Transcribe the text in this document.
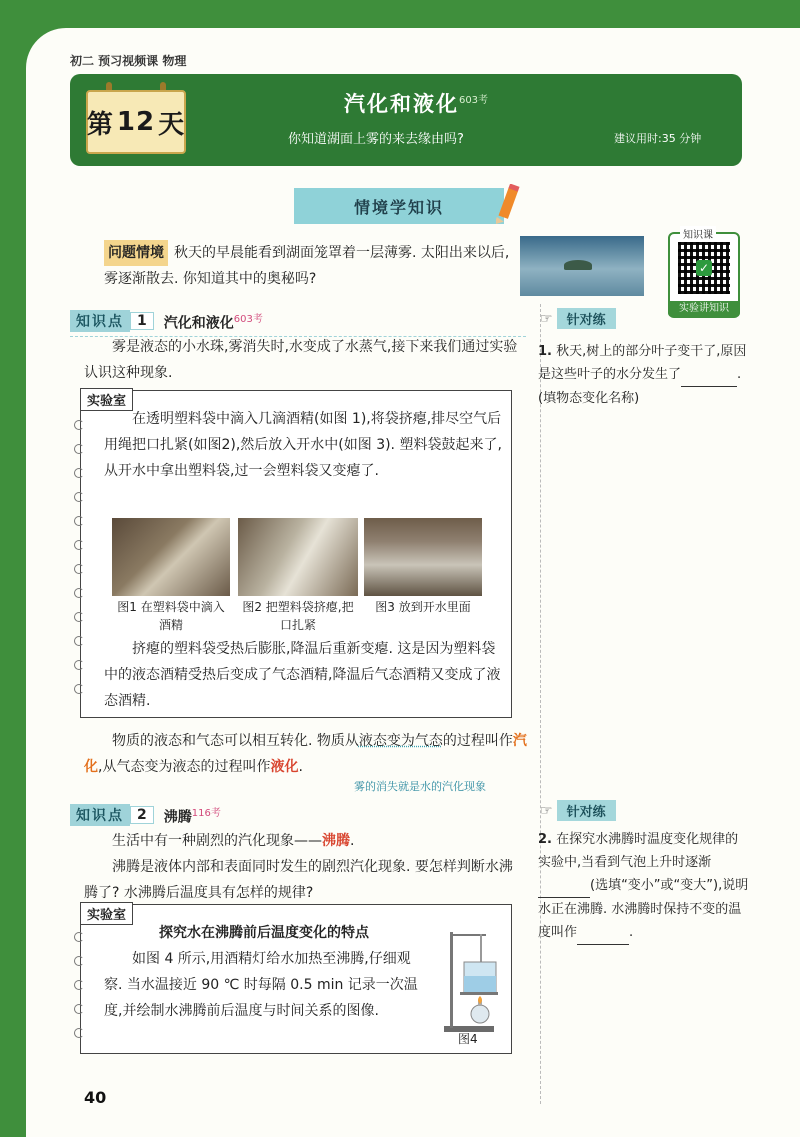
初二 预习视频课 物理
第 12 天
汽化和液化$^{603考}$
你知道湖面上雾的来去缘由吗?	建议用时:35 分钟
情境学知识
问题情境 秋天的早晨能看到湖面笼罩着一层薄雾. 太阳出来以后,雾逐渐散去. 你知道其中的奥秘吗?
知识课
✓
实验讲知识
知识点 1	汽化和液化$^{603考}$	☞	针对练
1. 秋天,树上的部分叶子变干了,原因是这些叶子的水分发生了	. (填物态变化名称)
雾是液态的小水珠,雾消失时,水变成了水蒸气,接下来我们通过实验认识这种现象.
实验室
在透明塑料袋中滴入几滴酒精(如图 1),将袋挤瘪,排尽空气后用绳把口扎紧(如图2),然后放入开水中(如图 3). 塑料袋鼓起来了,从开水中拿出塑料袋,过一会塑料袋又变瘪了.
图1 在塑料袋中滴入酒精
图2 把塑料袋挤瘪,把口扎紧
图3 放到开水里面
挤瘪的塑料袋受热后膨胀,降温后重新变瘪. 这是因为塑料袋中的液态酒精受热后变成了气态酒精,降温后气态酒精又变成了液态酒精.
物质的液态和气态可以相互转化. 物质从液态变为气态的过程叫作汽化,从气态变为液态的过程叫作液化.
雾的消失就是水的汽化现象
知识点 2	沸腾$^{116考}$	☞	针对练
2. 在探究水沸腾时温度变化规律的实验中,当看到气泡上升时逐渐 (选填“变小”或“变大”),说明水正在沸腾. 水沸腾时保持不变的温度叫作	.
生活中有一种剧烈的汽化现象——沸腾.
沸腾是液体内部和表面同时发生的剧烈汽化现象. 要怎样判断水沸腾了? 水沸腾后温度具有怎样的规律?
实验室
探究水在沸腾前后温度变化的特点
如图 4 所示,用酒精灯给水加热至沸腾,仔细观察. 当水温接近 90 ℃ 时每隔 0.5 min 记录一次温度,并绘制水沸腾前后温度与时间关系的图像.
图4
40
